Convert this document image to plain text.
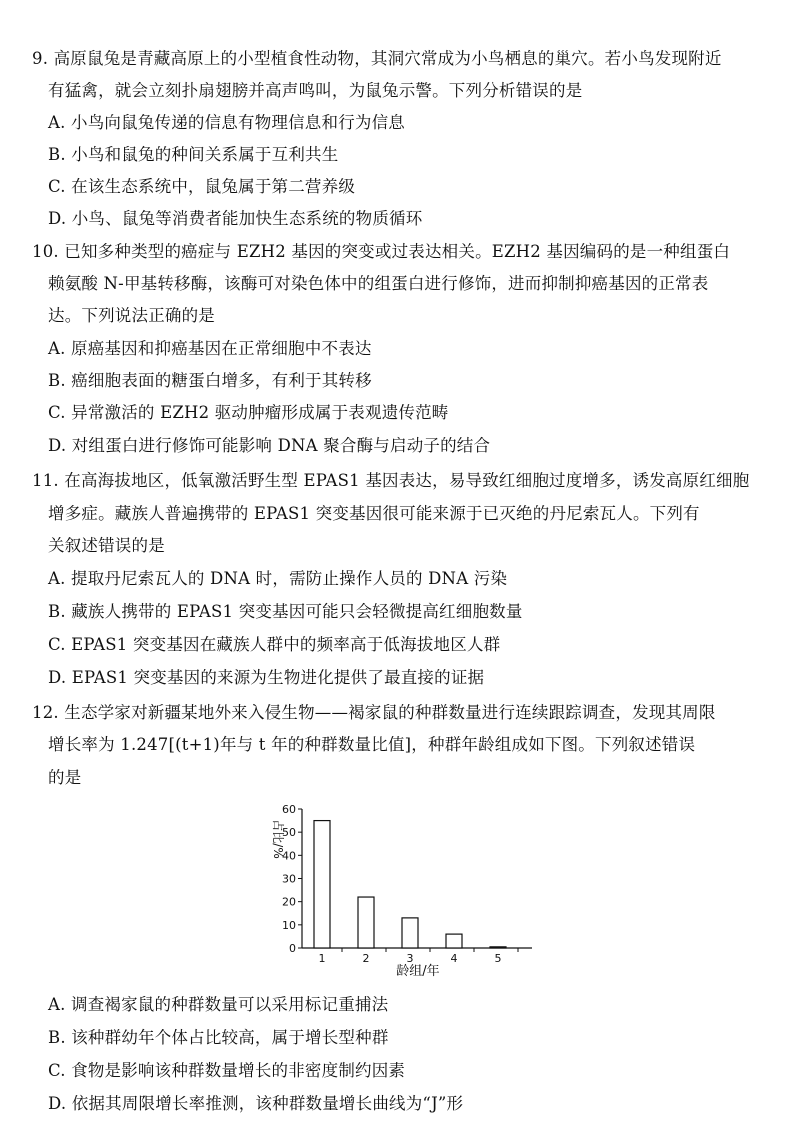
9. 高原鼠兔是青藏高原上的小型植食性动物，其洞穴常成为小鸟栖息的巢穴。若小鸟发现附近
有猛禽，就会立刻扑扇翅膀并高声鸣叫，为鼠兔示警。下列分析错误的是
A. 小鸟向鼠兔传递的信息有物理信息和行为信息
B. 小鸟和鼠兔的种间关系属于互利共生
C. 在该生态系统中，鼠兔属于第二营养级
D. 小鸟、鼠兔等消费者能加快生态系统的物质循环
10. 已知多种类型的癌症与 EZH2 基因的突变或过表达相关。EZH2 基因编码的是一种组蛋白
赖氨酸 N-甲基转移酶，该酶可对染色体中的组蛋白进行修饰，进而抑制抑癌基因的正常表
达。下列说法正确的是
A. 原癌基因和抑癌基因在正常细胞中不表达
B. 癌细胞表面的糖蛋白增多，有利于其转移
C. 异常激活的 EZH2 驱动肿瘤形成属于表观遗传范畴
D. 对组蛋白进行修饰可能影响 DNA 聚合酶与启动子的结合
11. 在高海拔地区，低氧激活野生型 EPAS1 基因表达，易导致红细胞过度增多，诱发高原红细胞
增多症。藏族人普遍携带的 EPAS1 突变基因很可能来源于已灭绝的丹尼索瓦人。下列有
关叙述错误的是
A. 提取丹尼索瓦人的 DNA 时，需防止操作人员的 DNA 污染
B. 藏族人携带的 EPAS1 突变基因可能只会轻微提高红细胞数量
C. EPAS1 突变基因在藏族人群中的频率高于低海拔地区人群
D. EPAS1 突变基因的来源为生物进化提供了最直接的证据
12. 生态学家对新疆某地外来入侵生物——褐家鼠的种群数量进行连续跟踪调查，发现其周限
增长率为 1.247[(t+1)年与 t 年的种群数量比值]，种群年龄组成如下图。下列叙述错误
的是
占比/%
龄组/年
0
10
20
30
40
50
60
1	2	3	4	5
A. 调查褐家鼠的种群数量可以采用标记重捕法
B. 该种群幼年个体占比较高，属于增长型种群
C. 食物是影响该种群数量增长的非密度制约因素
D. 依据其周限增长率推测，该种群数量增长曲线为“J”形
